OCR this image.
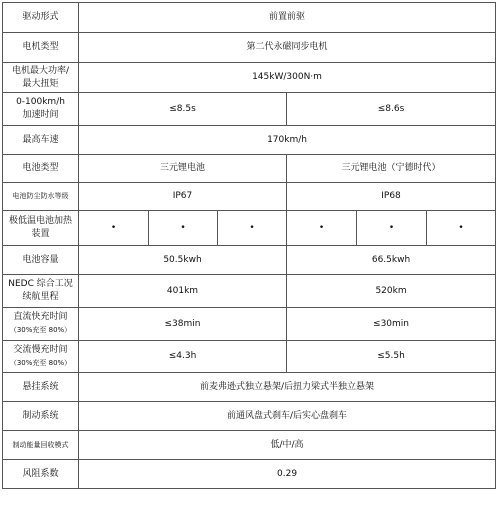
驱动形式	前置前驱					
电机类型	第二代永磁同步电机					

电机最大功率/
最大扭矩	145kW/300N·m					

0-100km/h
加速时间	≤8.5s			≤8.6s		
最高车速	170km/h					
电池类型	三元锂电池			三元锂电池（宁德时代）		
电池防尘防水等级	IP67			IP68		

极低温电池加热
装置	•	•	•	•	•	•
电池容量	50.5kwh			66.5kwh		

NEDC 综合工况
续航里程	401km			520km		

直流快充时间
（30%充至 80%）	≤38min			≤30min		

交流慢充时间
（30%充至 80%）	≤4.3h			≤5.5h		
悬挂系统	前麦弗逊式独立悬架/后扭力梁式半独立悬架					
制动系统	前通风盘式刹车/后实心盘刹车					
制动能量回收模式	低/中/高					
风阻系数	0.29					
